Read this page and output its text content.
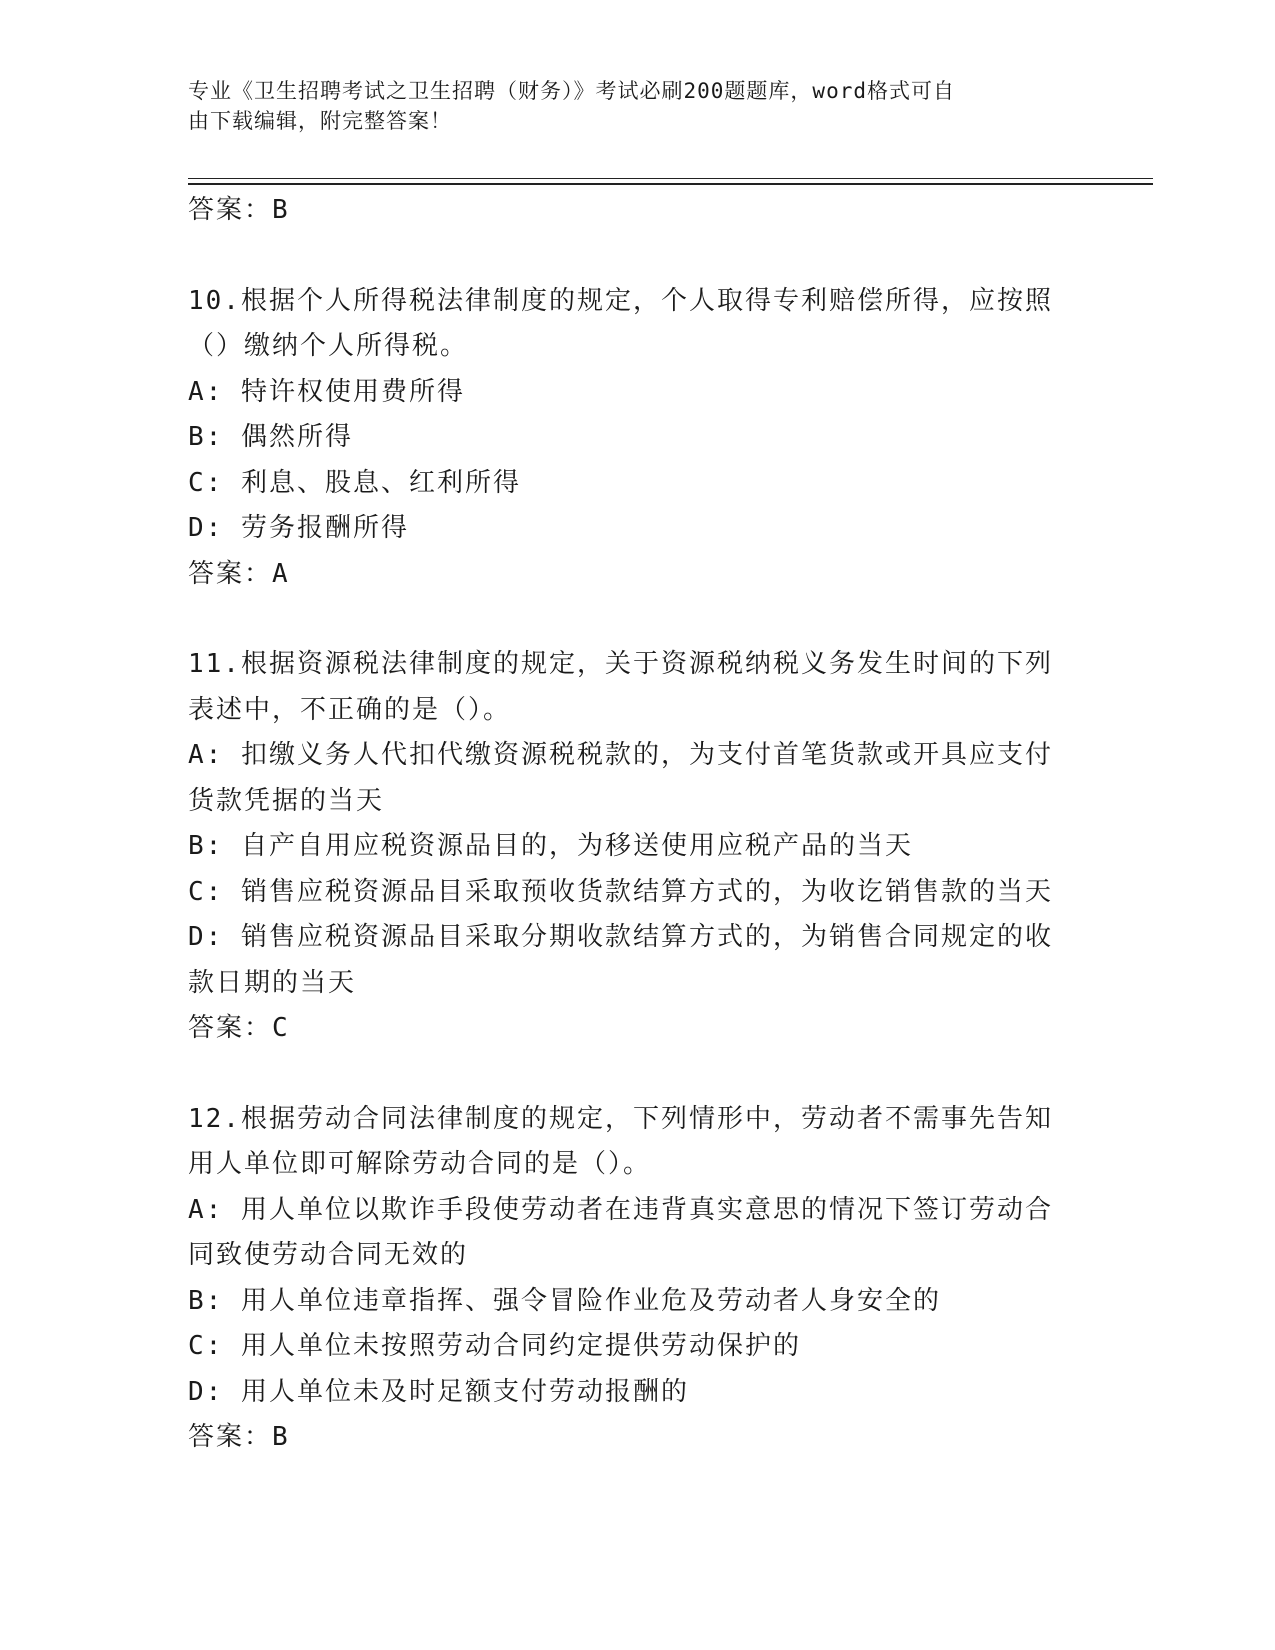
专业《卫生招聘考试之卫生招聘（财务）》考试必刷200题题库，word格式可自
由下载编辑，附完整答案！
答案：B
10.根据个人所得税法律制度的规定，个人取得专利赔偿所得，应按照
（）缴纳个人所得税。
A: 特许权使用费所得
B: 偶然所得
C: 利息、股息、红利所得
D: 劳务报酬所得
答案：A
11.根据资源税法律制度的规定，关于资源税纳税义务发生时间的下列
表述中，不正确的是（）。
A: 扣缴义务人代扣代缴资源税税款的，为支付首笔货款或开具应支付
货款凭据的当天
B: 自产自用应税资源品目的，为移送使用应税产品的当天
C: 销售应税资源品目采取预收货款结算方式的，为收讫销售款的当天
D: 销售应税资源品目采取分期收款结算方式的，为销售合同规定的收
款日期的当天
答案：C
12.根据劳动合同法律制度的规定，下列情形中，劳动者不需事先告知
用人单位即可解除劳动合同的是（）。
A: 用人单位以欺诈手段使劳动者在违背真实意思的情况下签订劳动合
同致使劳动合同无效的
B: 用人单位违章指挥、强令冒险作业危及劳动者人身安全的
C: 用人单位未按照劳动合同约定提供劳动保护的
D: 用人单位未及时足额支付劳动报酬的
答案：B
